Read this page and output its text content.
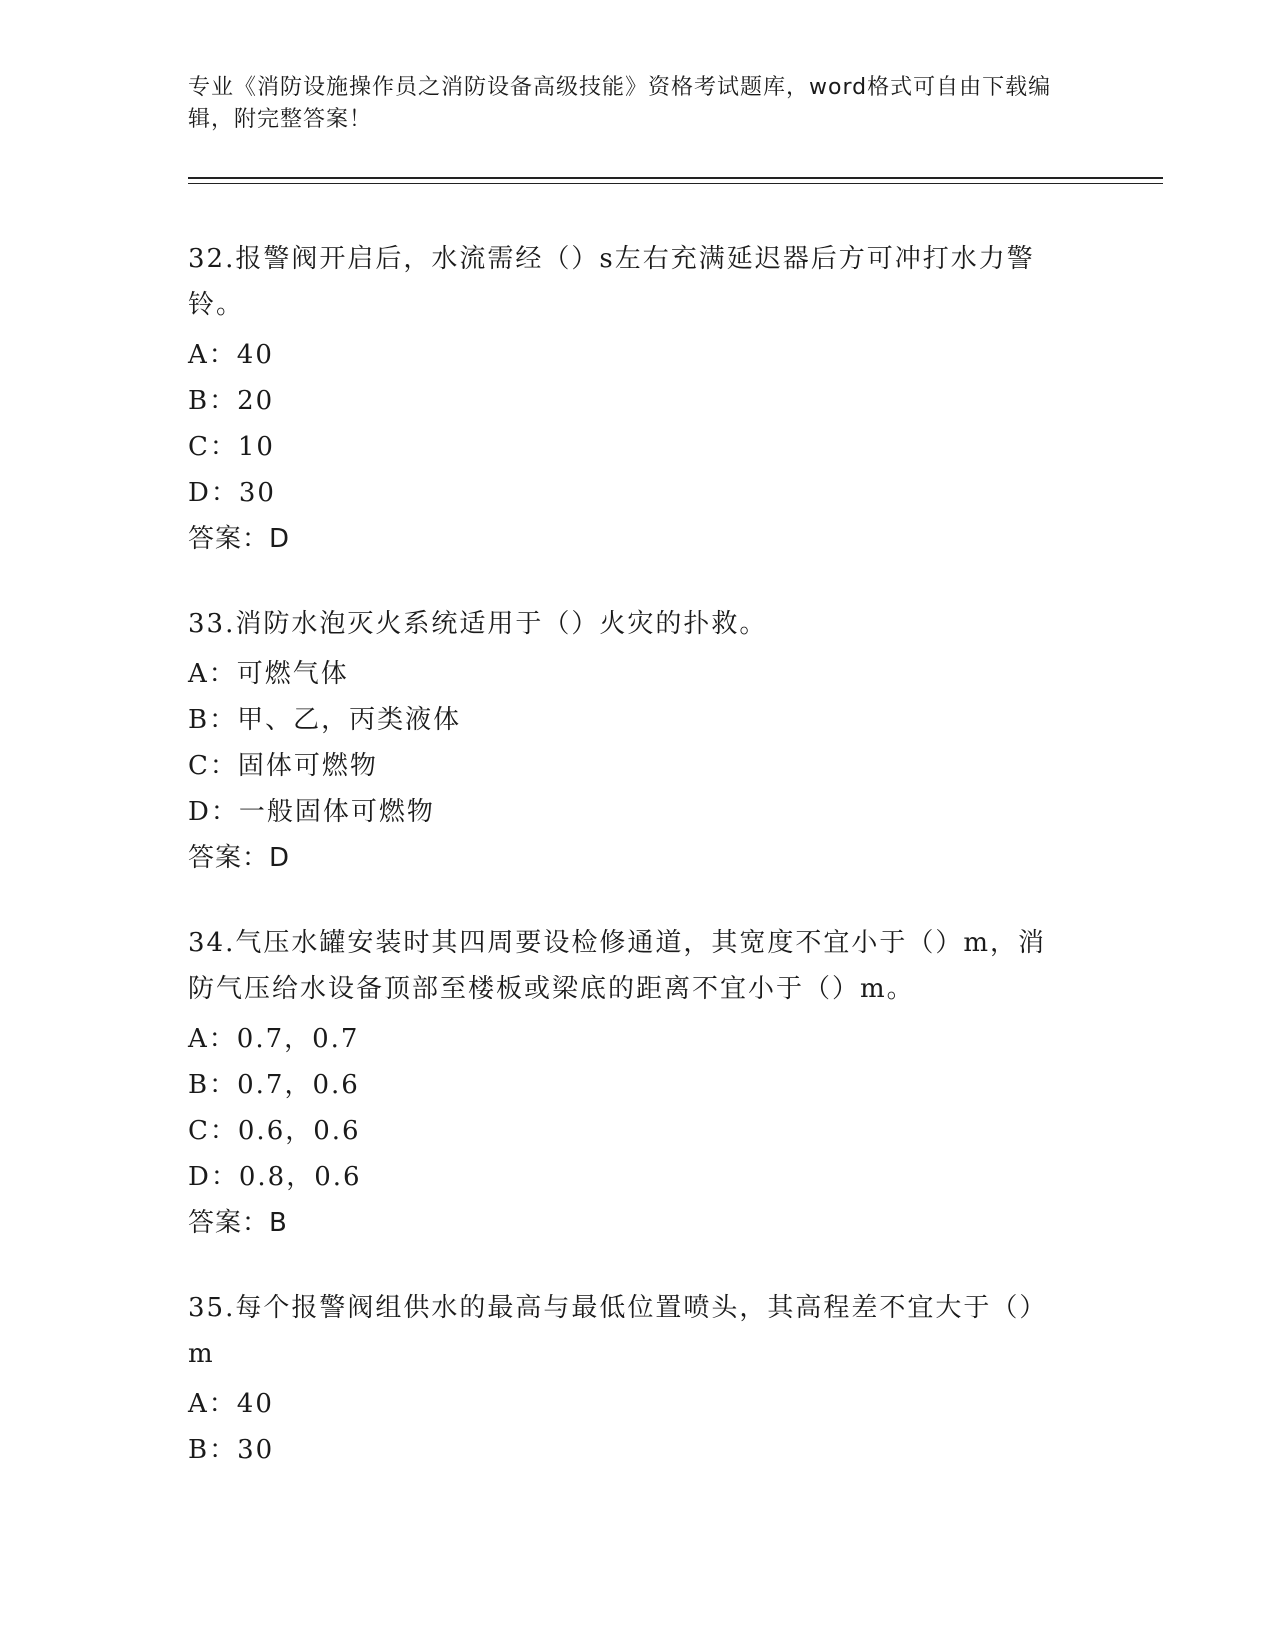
专业《消防设施操作员之消防设备高级技能》资格考试题库，word格式可自由下载编辑，附完整答案！
32.报警阀开启后，水流需经（）s左右充满延迟器后方可冲打水力警铃。
A：40
B：20
C：10
D：30
答案：D
33.消防水泡灭火系统适用于（）火灾的扑救。
A：可燃气体
B：甲、乙，丙类液体
C：固体可燃物
D：一般固体可燃物
答案：D
34.气压水罐安装时其四周要设检修通道，其宽度不宜小于（）m，消防气压给水设备顶部至楼板或梁底的距离不宜小于（）m。
A：0.7，0.7
B：0.7，0.6
C：0.6，0.6
D：0.8，0.6
答案：B
35.每个报警阀组供水的最高与最低位置喷头，其高程差不宜大于（）m
A：40
B：30
